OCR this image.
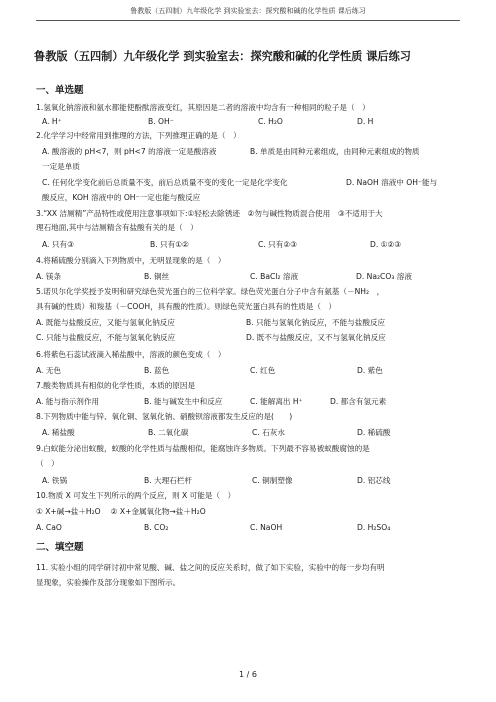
鲁教版（五四制）九年级化学 到实验室去：探究酸和碱的化学性质 课后练习
鲁教版（五四制）九年级化学 到实验室去：探究酸和碱的化学性质 课后练习
一、单选题
1.氢氧化钠溶液和氨水都能使酚酞溶液变红，其原因是二者的溶液中均含有一种相同的粒子是（　）
A. H⁺	B. OH⁻	C. H₂O	D. H
2.化学学习中经常用到推理的方法，下列推理正确的是（　）
A. 酸溶液的 pH<7，则 pH<7 的溶液一定是酸溶液	B. 单质是由同种元素组成，由同种元素组成的物质
一定是单质
C. 任何化学变化前后总质量不变，前后总质量不变的变化一定是化学变化	D. NaOH 溶液中 OH⁻能与
酸反应，KOH 溶液中的 OH⁻一定也能与酸反应
3.“XX 洁厕精”产品特性或使用注意事项如下:①轻松去除锈迹　②勿与碱性物质混合使用　③不适用于大
理石地面,其中与洁厕精含有盐酸有关的是（　）
A. 只有③	B. 只有①②	C. 只有②③	D. ①②③
4.将稀硫酸分别滴入下列物质中，无明显现象的是（　）
A. 镁条	B. 铜丝	C. BaCl₂ 溶液	D. Na₂CO₃ 溶液
5.诺贝尔化学奖授予发明和研究绿色荧光蛋白的三位科学家。绿色荧光蛋白分子中含有氨基（－NH₂　，
具有碱的性质）和羧基（－COOH，具有酸的性质）。则绿色荧光蛋白具有的性质是（　）
A. 既能与盐酸反应，又能与氢氧化钠反应	B. 只能与氢氧化钠反应，不能与盐酸反应
C. 只能与盐酸反应，不能与氢氧化钠反应	D. 既不与盐酸反应，又不与氢氧化钠反应
6.将紫色石蕊试液滴入稀盐酸中，溶液的颜色变成（　）
A. 无色	B. 蓝色	C. 红色	D. 紫色
7.酸类物质具有相似的化学性质，本质的原因是
A. 能与指示剂作用	B. 能与碱发生中和反应	C. 能解离出 H⁺	D. 都含有氢元素
8.下列物质中能与锌、氧化铜、氢氧化钠、硝酸钡溶液都发生反应的是(　　)
A. 稀盐酸	B. 二氧化碳	C. 石灰水	D. 稀硫酸
9.白蚁能分泌出蚁酸，蚁酸的化学性质与盐酸相似，能腐蚀许多物质。下列最不容易被蚁酸腐蚀的是
（　）
A. 铁锅	B. 大理石栏杆	C. 铜制塑像	D. 铝芯线
10.物质 X 可发生下列所示的两个反应，则 X 可能是（　）
① X+碱→盐＋H₂O　 ② X+金属氧化物→盐＋H₂O
A. CaO	B. CO₂	C. NaOH	D. H₂SO₄
二、填空题
11. 实验小组的同学研讨初中常见酸、碱、盐之间的反应关系时，做了如下实验，实验中的每一步均有明
显现象，实验操作及部分现象如下图所示。
1 / 6
